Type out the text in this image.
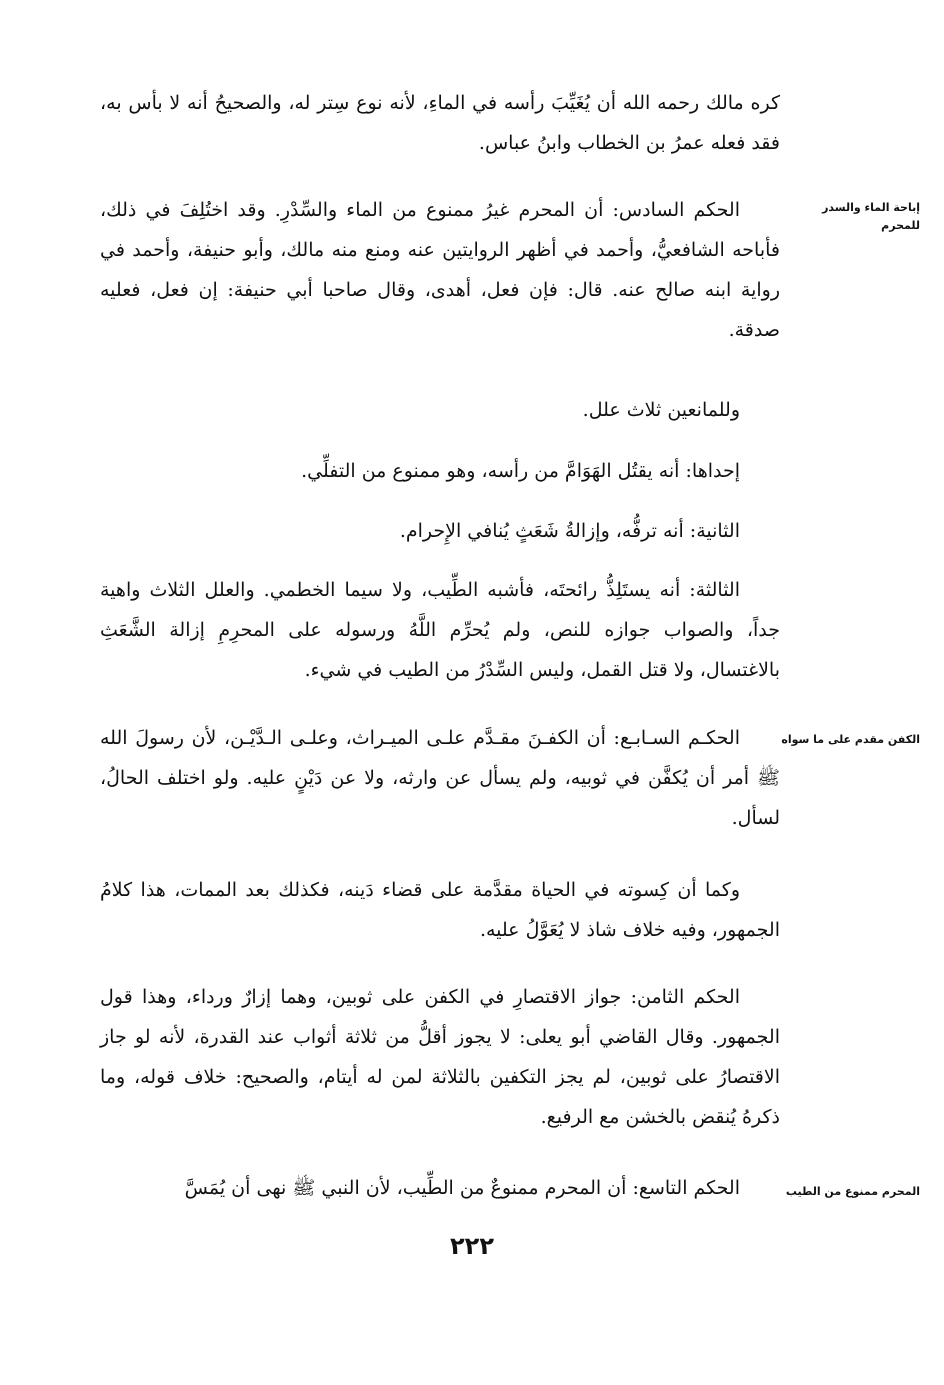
كره مالك رحمه الله أن يُغَيِّبَ رأسه في الماءِ، لأنه نوع سِتر له، والصحيحُ أنه لا بأس به، فقد فعله عمرُ بن الخطاب وابنُ عباس.

إباحة الماء والسدر للمحرم

الحكم السادس: أن المحرم غيرُ ممنوع من الماء والسِّدْرِ. وقد اختُلِفَ في ذلك، فأباحه الشافعيُّ، وأحمد في أظهر الروايتين عنه ومنع منه مالك، وأبو حنيفة، وأحمد في رواية ابنه صالح عنه. قال: فإن فعل، أهدى، وقال صاحبا أبي حنيفة: إن فعل، فعليه صدقة.

وللمانعين ثلاث علل.

إحداها: أنه يقتُل الهَوَامَّ من رأسه، وهو ممنوع من التفلِّي.

الثانية: أنه ترفُّه، وإزالةُ شَعَثٍ يُنافي الإِحرام.

الثالثة: أنه يستَلِذُّ رائحتَه، فأشبه الطِّيب، ولا سيما الخطمي. والعلل الثلاث واهية جداً، والصواب جوازه للنص، ولم يُحرِّم اللَّهُ ورسوله على المحرِمِ إزالة الشَّعَثِ بالاغتسال، ولا قتل القمل، وليس السِّدْرُ من الطيب في شيء.

الكفن مقدم على ما سواه

الحكـم السـابـع: أن الكفـنَ مقـدَّم علـى الميـراث، وعلـى الـدَّيْـن، لأن رسولَ الله ﷺ أمر أن يُكفَّن في ثوبيه، ولم يسأل عن وارثه، ولا عن دَيْنٍ عليه. ولو اختلف الحالُ، لسأل.

وكما أن كِسوته في الحياة مقدَّمة على قضاء دَينه، فكذلك بعد الممات، هذا كلامُ الجمهور، وفيه خلاف شاذ لا يُعَوَّلُ عليه.

الحكم الثامن: جواز الاقتصارِ في الكفن على ثوبين، وهما إزارٌ ورداء، وهذا قول الجمهور. وقال القاضي أبو يعلى: لا يجوز أقلُّ من ثلاثة أثواب عند القدرة، لأنه لو جاز الاقتصارُ على ثوبين، لم يجز التكفين بالثلاثة لمن له أيتام، والصحيح: خلاف قوله، وما ذكرهُ يُنقض بالخشن مع الرفيع.

المحرم ممنوع من الطيب

الحكم التاسع: أن المحرم ممنوعٌ من الطِّيب، لأن النبي ﷺ نهى أن يُمَسَّ

٢٢٢
